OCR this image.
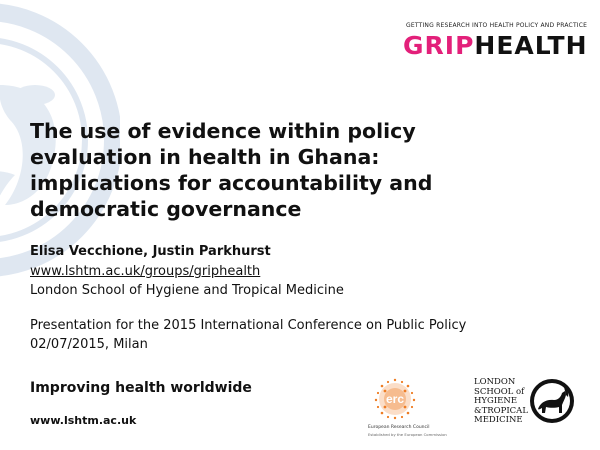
GETTING RESEARCH INTO HEALTH POLICY AND PRACTICE
GRIPHEALTH
The use of evidence within policy evaluation in health in Ghana: implications for accountability and democratic governance
Elisa Vecchione, Justin Parkhurst
www.lshtm.ac.uk/groups/griphealth
London School of Hygiene and Tropical Medicine
Presentation for the 2015 International Conference on Public Policy
02/07/2015, Milan
Improving health worldwide
www.lshtm.ac.uk
erc
European Research Council
Established by the European Commission
LONDON
SCHOOL of
HYGIENE
&TROPICAL
MEDICINE
